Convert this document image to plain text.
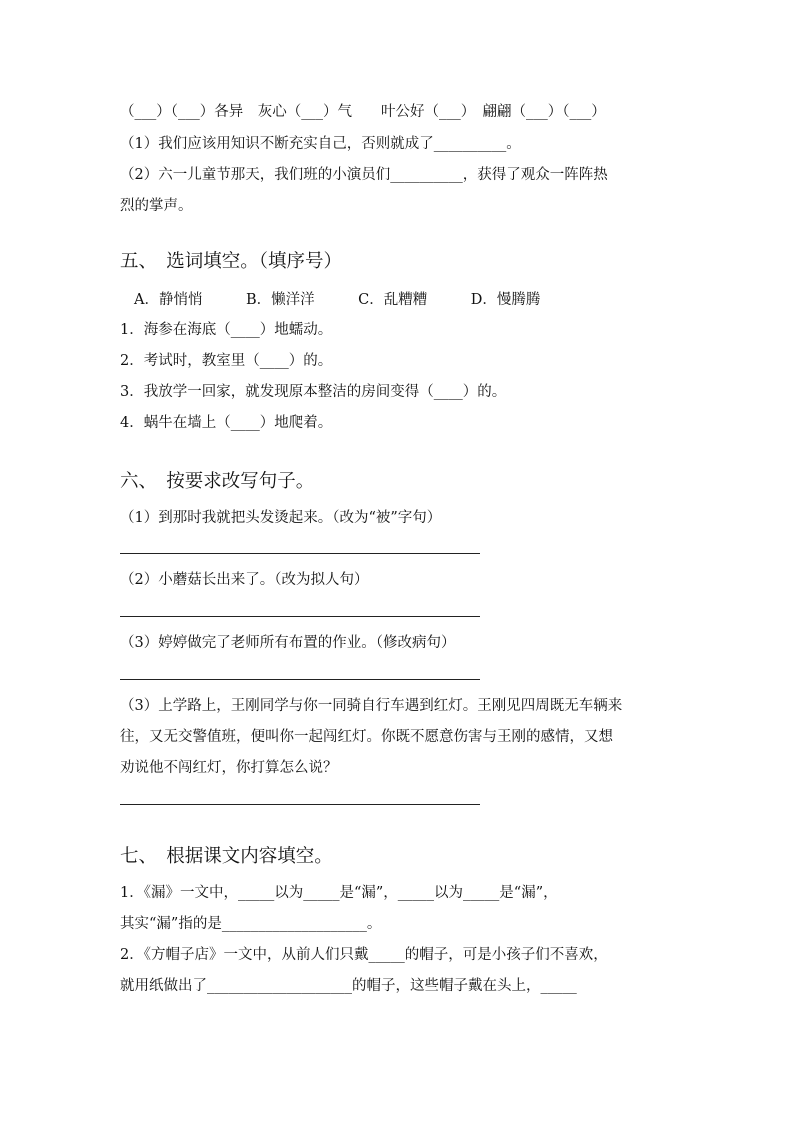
（___）（___）各异　灰心（___）气　　叶公好（___）　翩翩（___）（___）
（1）我们应该用知识不断充实自己，否则就成了__________。
（2）六一儿童节那天，我们班的小演员们__________，获得了观众一阵阵热
烈的掌声。
五、　选词填空。（填序号）
A．静悄悄　　　B．懒洋洋　　　C．乱糟糟　　　D．慢腾腾
1．海参在海底（____）地蠕动。
2．考试时，教室里（____）的。
3．我放学一回家，就发现原本整洁的房间变得（____）的。
4．蜗牛在墙上（____）地爬着。
六、　按要求改写句子。
（1）到那时我就把头发烫起来。（改为“被”字句）
（2）小蘑菇长出来了。（改为拟人句）
（3）婷婷做完了老师所有布置的作业。（修改病句）
（3）上学路上，王刚同学与你一同骑自行车遇到红灯。王刚见四周既无车辆来
往，又无交警值班，便叫你一起闯红灯。你既不愿意伤害与王刚的感情，又想
劝说他不闯红灯，你打算怎么说？
七、　根据课文内容填空。
1．《漏》一文中，_____以为_____是“漏”，_____以为_____是“漏”，
其实“漏”指的是____________________。
2．《方帽子店》一文中，从前人们只戴_____的帽子，可是小孩子们不喜欢，
就用纸做出了____________________的帽子，这些帽子戴在头上，_____
